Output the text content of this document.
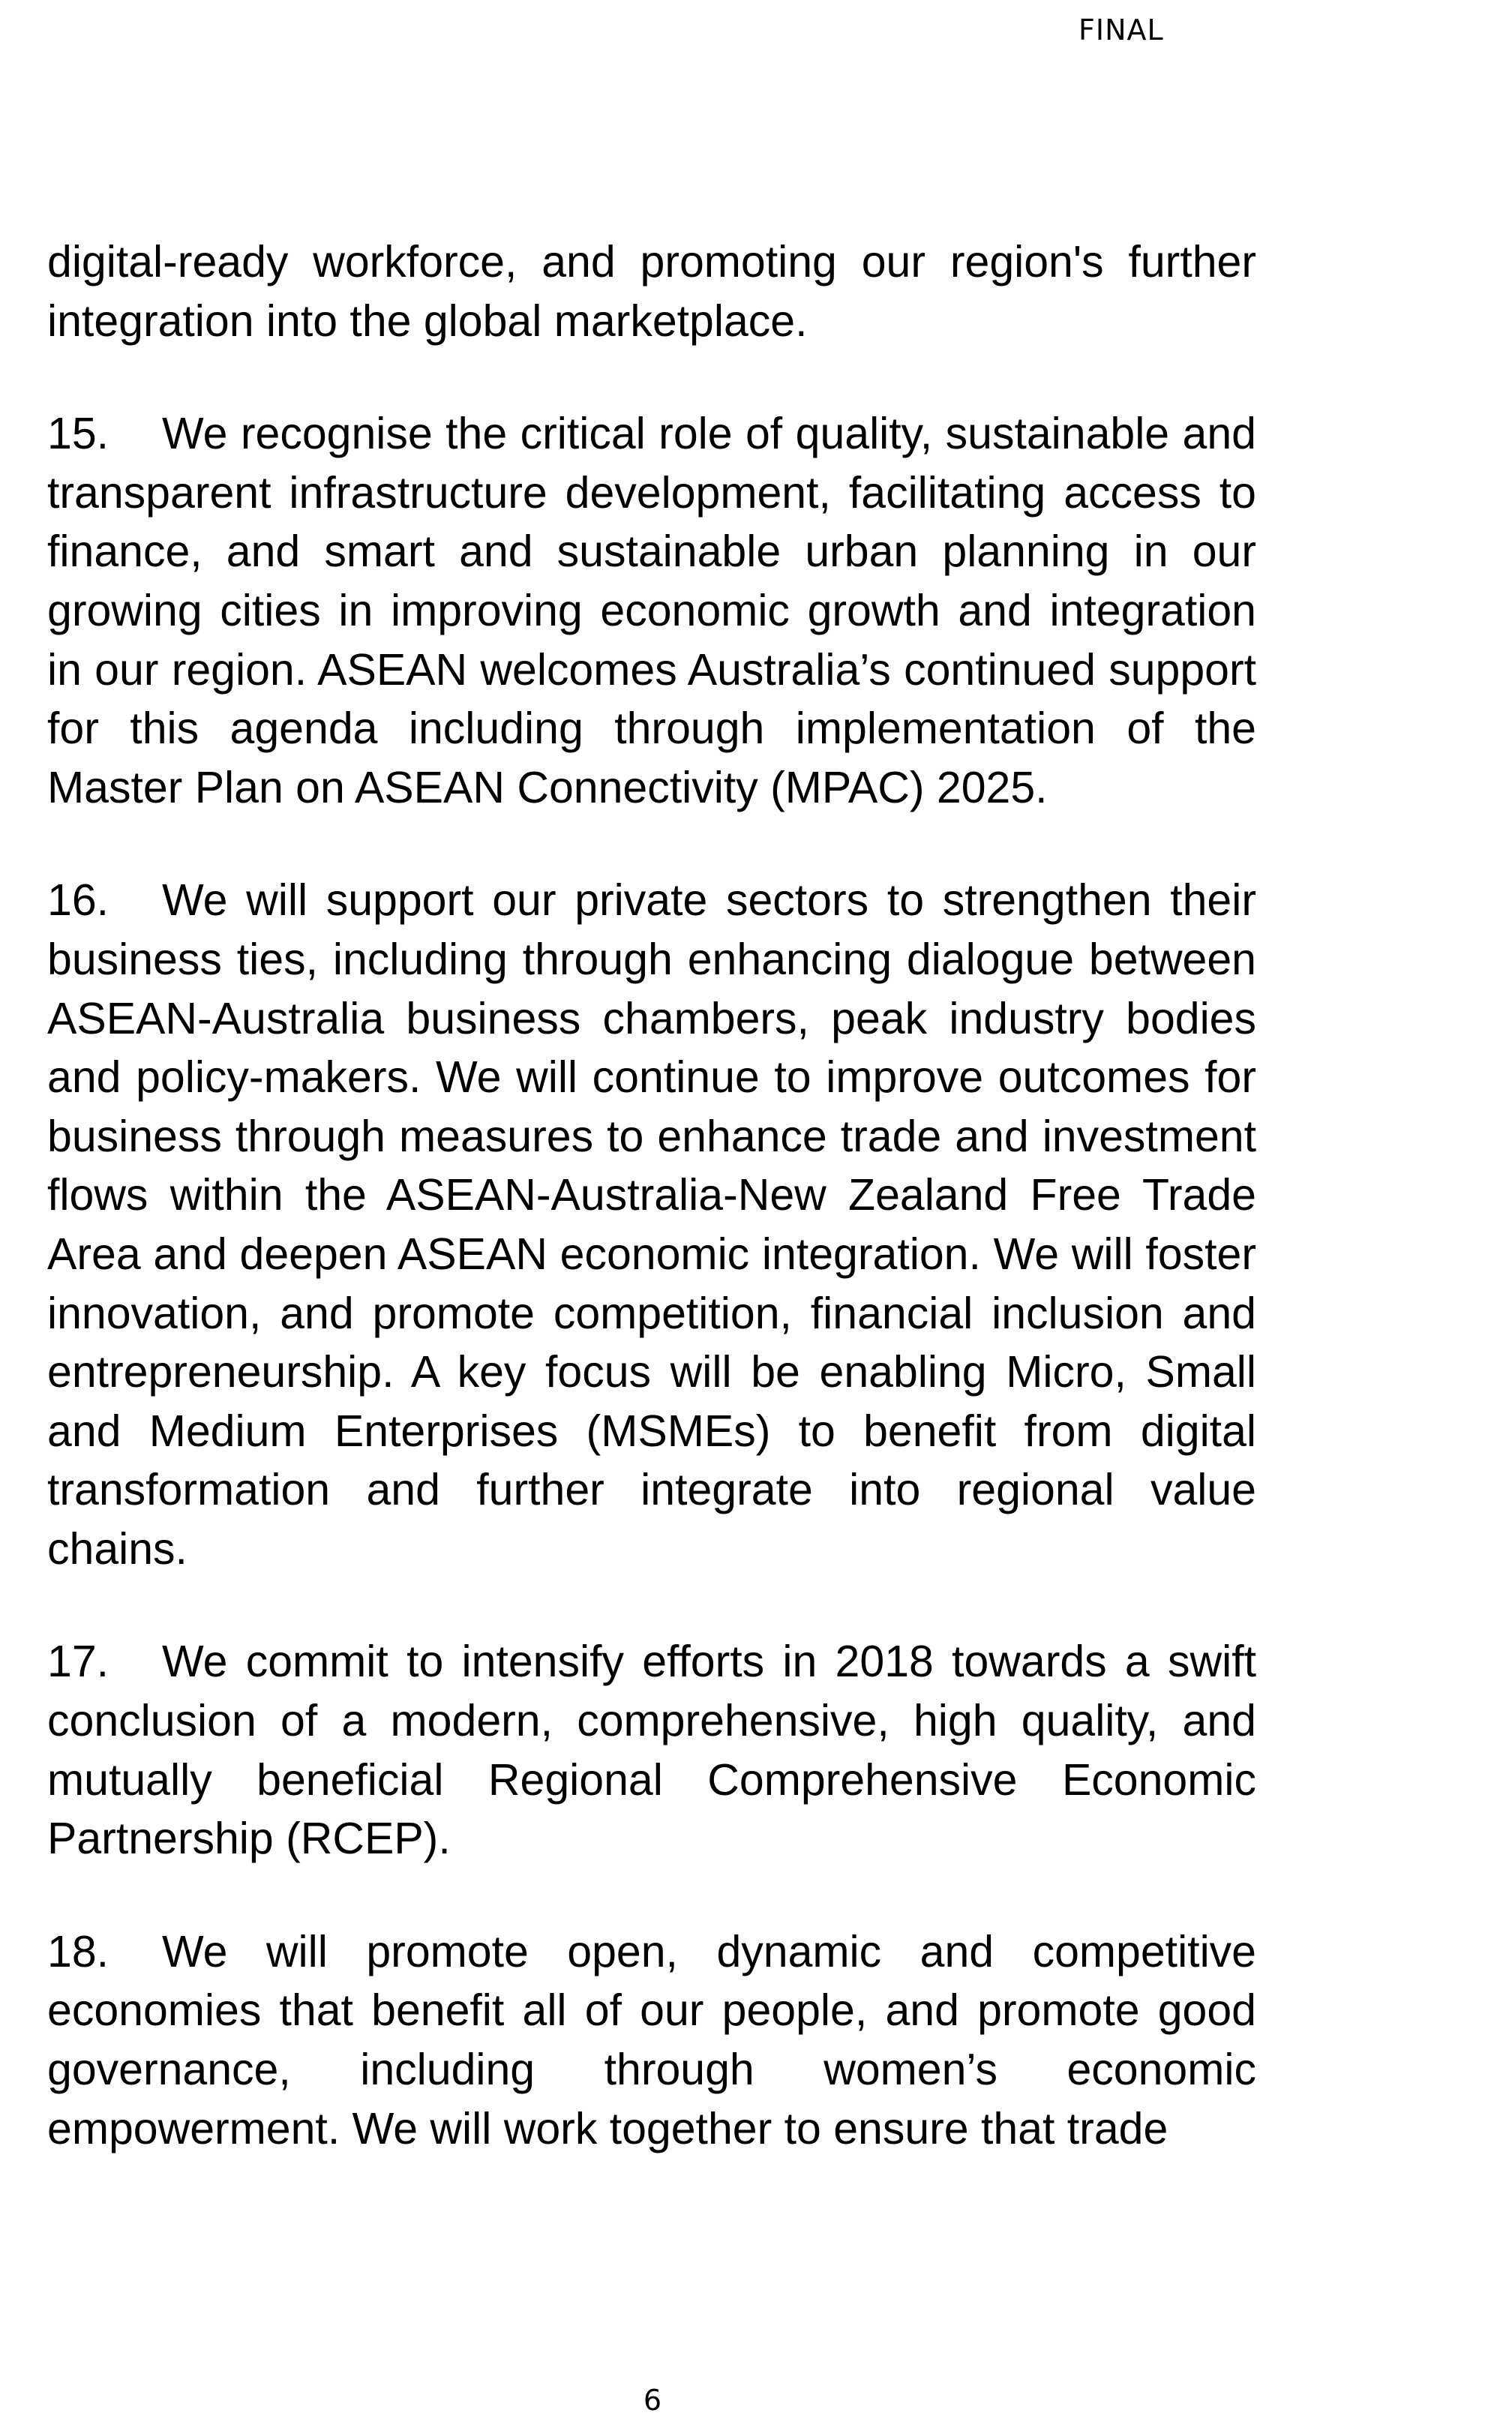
FINAL

digital-ready workforce, and promoting our region's further integration into the global marketplace.

15. We recognise the critical role of quality, sustainable and transparent infrastructure development, facilitating access to finance, and smart and sustainable urban planning in our growing cities in improving economic growth and integration in our region. ASEAN welcomes Australia’s continued support for this agenda including through implementation of the Master Plan on ASEAN Connectivity (MPAC) 2025.

16. We will support our private sectors to strengthen their business ties, including through enhancing dialogue between ASEAN-Australia business chambers, peak industry bodies and policy-makers. We will continue to improve outcomes for business through measures to enhance trade and investment flows within the ASEAN-Australia-New Zealand Free Trade Area and deepen ASEAN economic integration. We will foster innovation, and promote competition, financial inclusion and entrepreneurship. A key focus will be enabling Micro, Small and Medium Enterprises (MSMEs) to benefit from digital transformation and further integrate into regional value chains.

17. We commit to intensify efforts in 2018 towards a swift conclusion of a modern, comprehensive, high quality, and mutually beneficial Regional Comprehensive Economic Partnership (RCEP).

18. We will promote open, dynamic and competitive economies that benefit all of our people, and promote good governance, including through women’s economic empowerment. We will work together to ensure that trade

6
